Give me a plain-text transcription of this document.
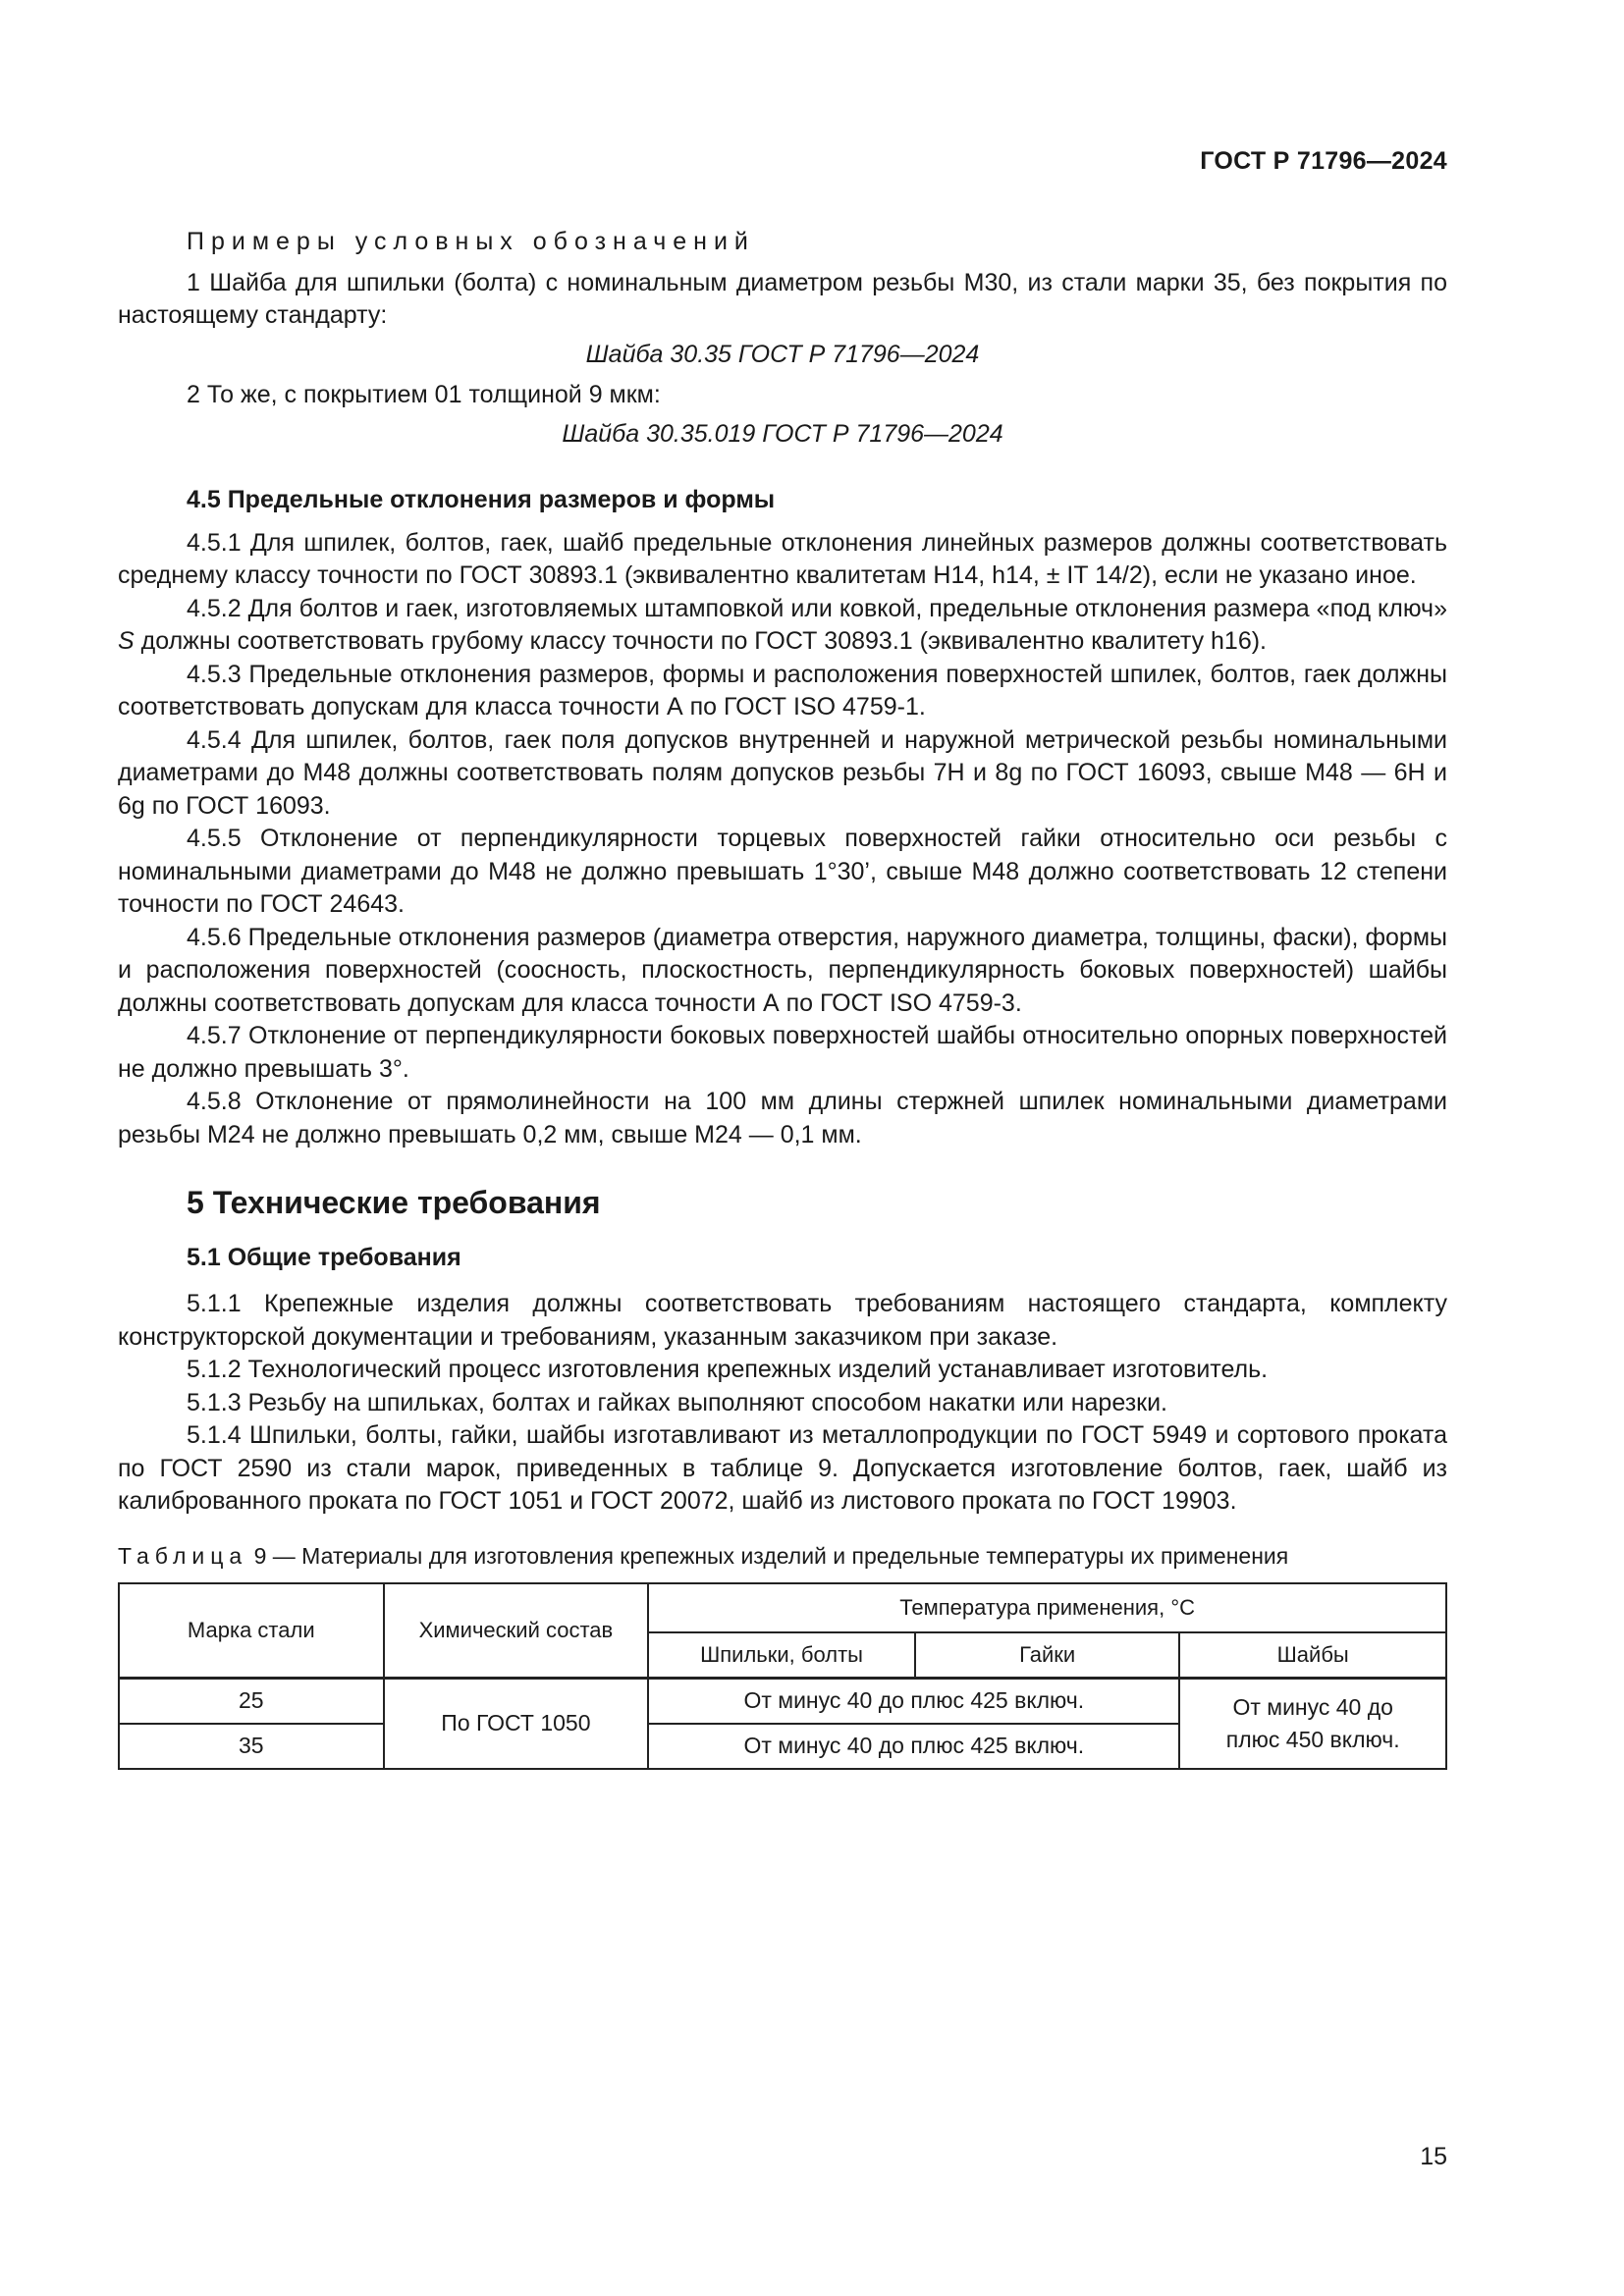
ГОСТ Р 71796—2024

Примеры условных обозначений

1 Шайба для шпильки (болта) с номинальным диаметром резьбы М30, из стали марки 35, без покрытия по настоящему стандарту:

Шайба 30.35 ГОСТ Р 71796—2024

2 То же, с покрытием 01 толщиной 9 мкм:

Шайба 30.35.019 ГОСТ Р 71796—2024

4.5 Предельные отклонения размеров и формы

4.5.1 Для шпилек, болтов, гаек, шайб предельные отклонения линейных размеров должны соответствовать среднему классу точности по ГОСТ 30893.1 (эквивалентно квалитетам H14, h14, ± IT 14/2), если не указано иное.

4.5.2 Для болтов и гаек, изготовляемых штамповкой или ковкой, предельные отклонения размера «под ключ» S должны соответствовать грубому классу точности по ГОСТ 30893.1 (эквивалентно квалитету h16).

4.5.3 Предельные отклонения размеров, формы и расположения поверхностей шпилек, болтов, гаек должны соответствовать допускам для класса точности А по ГОСТ ISO 4759-1.

4.5.4 Для шпилек, болтов, гаек поля допусков внутренней и наружной метрической резьбы номинальными диаметрами до М48 должны соответствовать полям допусков резьбы 7H и 8g по ГОСТ 16093, свыше М48 — 6H и 6g по ГОСТ 16093.

4.5.5 Отклонение от перпендикулярности торцевых поверхностей гайки относительно оси резьбы с номинальными диаметрами до М48 не должно превышать 1°30’, свыше М48 должно соответствовать 12 степени точности по ГОСТ 24643.

4.5.6 Предельные отклонения размеров (диаметра отверстия, наружного диаметра, толщины, фаски), формы и расположения поверхностей (соосность, плоскостность, перпендикулярность боковых поверхностей) шайбы должны соответствовать допускам для класса точности А по ГОСТ ISO 4759-3.

4.5.7 Отклонение от перпендикулярности боковых поверхностей шайбы относительно опорных поверхностей не должно превышать 3°.

4.5.8 Отклонение от прямолинейности на 100 мм длины стержней шпилек номинальными диаметрами резьбы М24 не должно превышать 0,2 мм, свыше М24 — 0,1 мм.

5 Технические требования

5.1 Общие требования

5.1.1 Крепежные изделия должны соответствовать требованиям настоящего стандарта, комплекту конструкторской документации и требованиям, указанным заказчиком при заказе.

5.1.2 Технологический процесс изготовления крепежных изделий устанавливает изготовитель.

5.1.3 Резьбу на шпильках, болтах и гайках выполняют способом накатки или нарезки.

5.1.4 Шпильки, болты, гайки, шайбы изготавливают из металлопродукции по ГОСТ 5949 и сортового проката по ГОСТ 2590 из стали марок, приведенных в таблице 9. Допускается изготовление болтов, гаек, шайб из калиброванного проката по ГОСТ 1051 и ГОСТ 20072, шайб из листового проката по ГОСТ 19903.

Таблица 9 — Материалы для изготовления крепежных изделий и предельные температуры их применения

Марка стали	Химический состав	Температура применения, °С		
		Шпильки, болты	Гайки	Шайбы
25	По ГОСТ 1050	От минус 40 до плюс 425 включ.		От минус 40 до
плюс 450 включ.
35		От минус 40 до плюс 425 включ.		
15
